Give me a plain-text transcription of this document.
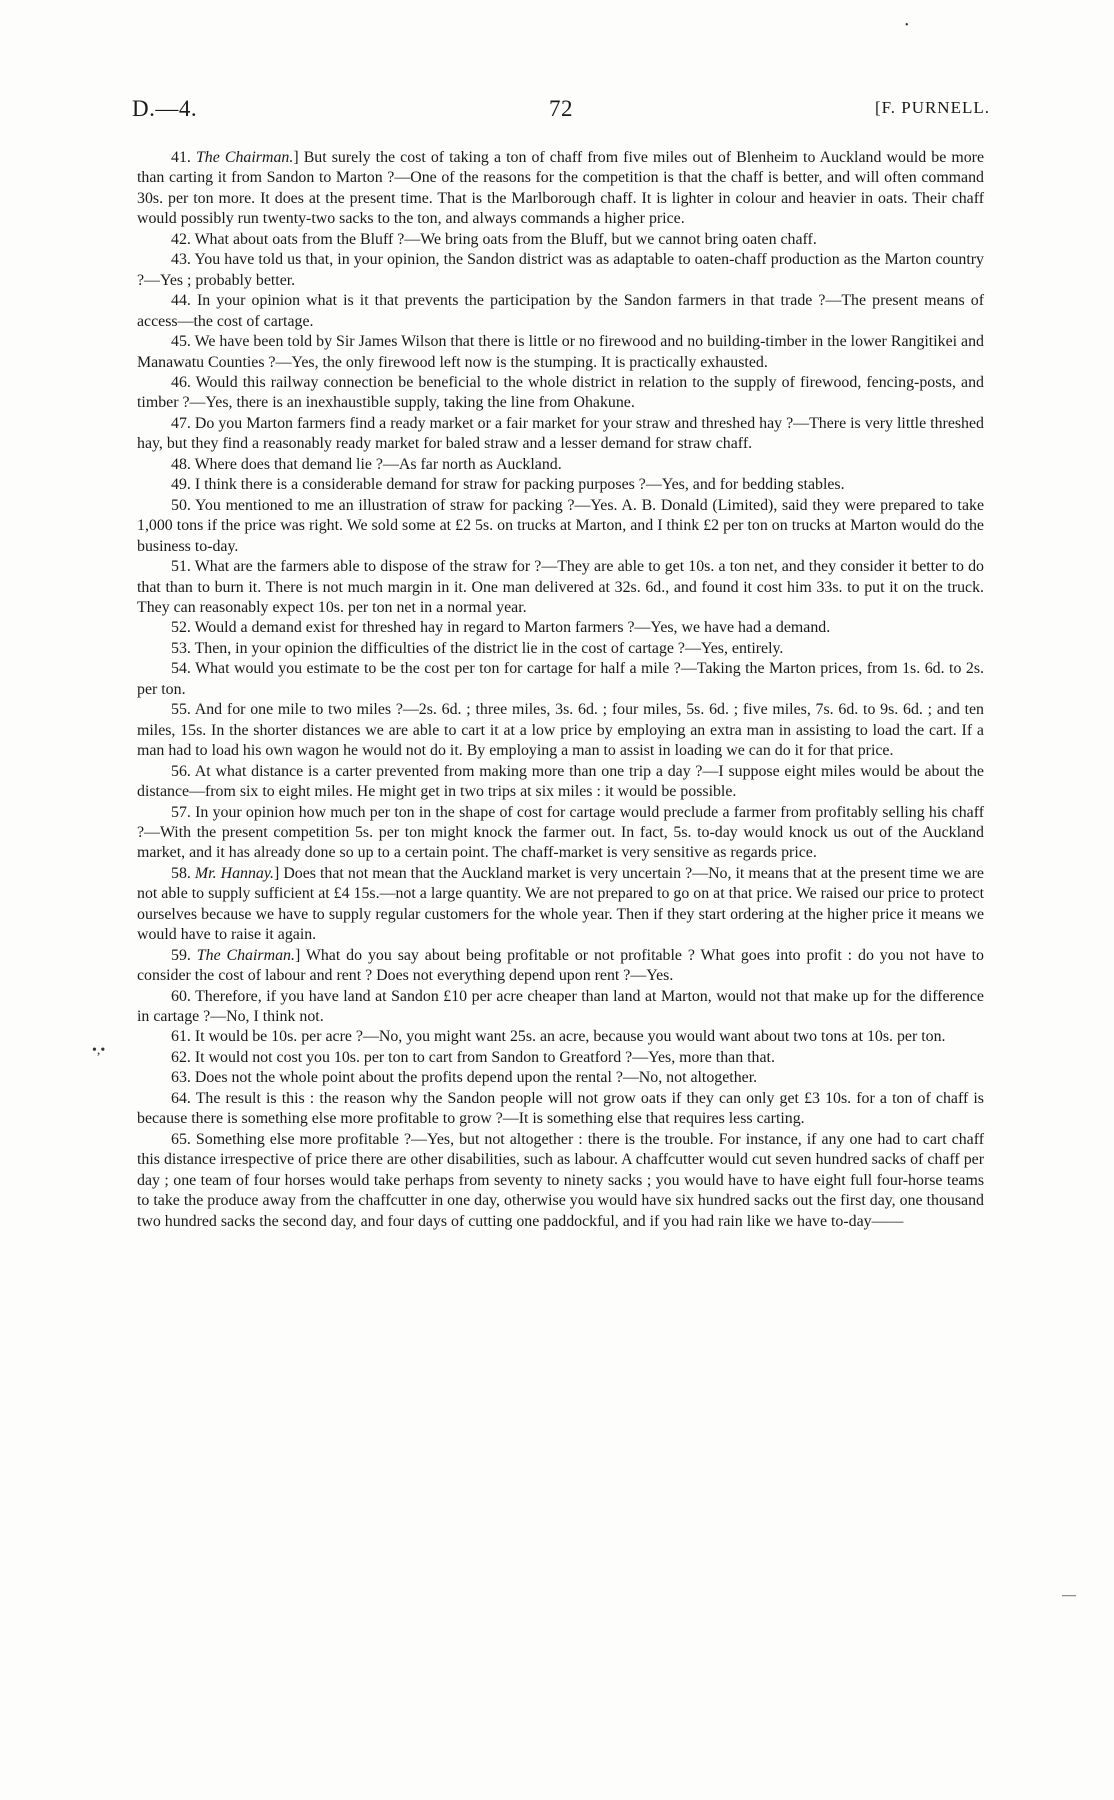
•
D.—4.	72	[F. PURNELL.

41. The Chairman.] But surely the cost of taking a ton of chaff from five miles out of Blenheim to Auckland would be more than carting it from Sandon to Marton ?—One of the reasons for the competition is that the chaff is better, and will often command 30s. per ton more. It does at the present time. That is the Marlborough chaff. It is lighter in colour and heavier in oats. Their chaff would possibly run twenty-two sacks to the ton, and always commands a higher price.

42. What about oats from the Bluff ?—We bring oats from the Bluff, but we cannot bring oaten chaff.

43. You have told us that, in your opinion, the Sandon district was as adaptable to oaten-chaff production as the Marton country ?—Yes ; probably better.

44. In your opinion what is it that prevents the participation by the Sandon farmers in that trade ?—The present means of access—the cost of cartage.

45. We have been told by Sir James Wilson that there is little or no firewood and no building-timber in the lower Rangitikei and Manawatu Counties ?—Yes, the only firewood left now is the stumping. It is practically exhausted.

46. Would this railway connection be beneficial to the whole district in relation to the supply of firewood, fencing-posts, and timber ?—Yes, there is an inexhaustible supply, taking the line from Ohakune.

47. Do you Marton farmers find a ready market or a fair market for your straw and threshed hay ?—There is very little threshed hay, but they find a reasonably ready market for baled straw and a lesser demand for straw chaff.

48. Where does that demand lie ?—As far north as Auckland.

49. I think there is a considerable demand for straw for packing purposes ?—Yes, and for bedding stables.

50. You mentioned to me an illustration of straw for packing ?—Yes. A. B. Donald (Limited), said they were prepared to take 1,000 tons if the price was right. We sold some at £2 5s. on trucks at Marton, and I think £2 per ton on trucks at Marton would do the business to-day.

51. What are the farmers able to dispose of the straw for ?—They are able to get 10s. a ton net, and they consider it better to do that than to burn it. There is not much margin in it. One man delivered at 32s. 6d., and found it cost him 33s. to put it on the truck. They can reasonably expect 10s. per ton net in a normal year.

52. Would a demand exist for threshed hay in regard to Marton farmers ?—Yes, we have had a demand.

53. Then, in your opinion the difficulties of the district lie in the cost of cartage ?—Yes, entirely.

54. What would you estimate to be the cost per ton for cartage for half a mile ?—Taking the Marton prices, from 1s. 6d. to 2s. per ton.

55. And for one mile to two miles ?—2s. 6d. ; three miles, 3s. 6d. ; four miles, 5s. 6d. ; five miles, 7s. 6d. to 9s. 6d. ; and ten miles, 15s. In the shorter distances we are able to cart it at a low price by employing an extra man in assisting to load the cart. If a man had to load his own wagon he would not do it. By employing a man to assist in loading we can do it for that price.

56. At what distance is a carter prevented from making more than one trip a day ?—I suppose eight miles would be about the distance—from six to eight miles. He might get in two trips at six miles : it would be possible.

57. In your opinion how much per ton in the shape of cost for cartage would preclude a farmer from profitably selling his chaff ?—With the present competition 5s. per ton might knock the farmer out. In fact, 5s. to-day would knock us out of the Auckland market, and it has already done so up to a certain point. The chaff-market is very sensitive as regards price.

58. Mr. Hannay.] Does that not mean that the Auckland market is very uncertain ?—No, it means that at the present time we are not able to supply sufficient at £4 15s.—not a large quantity. We are not prepared to go on at that price. We raised our price to protect ourselves because we have to supply regular customers for the whole year. Then if they start ordering at the higher price it means we would have to raise it again.

59. The Chairman.] What do you say about being profitable or not profitable ? What goes into profit : do you not have to consider the cost of labour and rent ? Does not everything depend upon rent ?—Yes.

60. Therefore, if you have land at Sandon £10 per acre cheaper than land at Marton, would not that make up for the difference in cartage ?—No, I think not.

61. It would be 10s. per acre ?—No, you might want 25s. an acre, because you would want about two tons at 10s. per ton.

62. It would not cost you 10s. per ton to cart from Sandon to Greatford ?—Yes, more than that.

63. Does not the whole point about the profits depend upon the rental ?—No, not altogether.

64. The result is this : the reason why the Sandon people will not grow oats if they can only get £3 10s. for a ton of chaff is because there is something else more profitable to grow ?—It is something else that requires less carting.

65. Something else more profitable ?—Yes, but not altogether : there is the trouble. For instance, if any one had to cart chaff this distance irrespective of price there are other disabilities, such as labour. A chaffcutter would cut seven hundred sacks of chaff per day ; one team of four horses would take perhaps from seventy to ninety sacks ; you would have to have eight full four-horse teams to take the produce away from the chaffcutter in one day, otherwise you would have six hundred sacks out the first day, one thousand two hundred sacks the second day, and four days of cutting one paddockful, and if you had rain like we have to-day——

•,•
—
